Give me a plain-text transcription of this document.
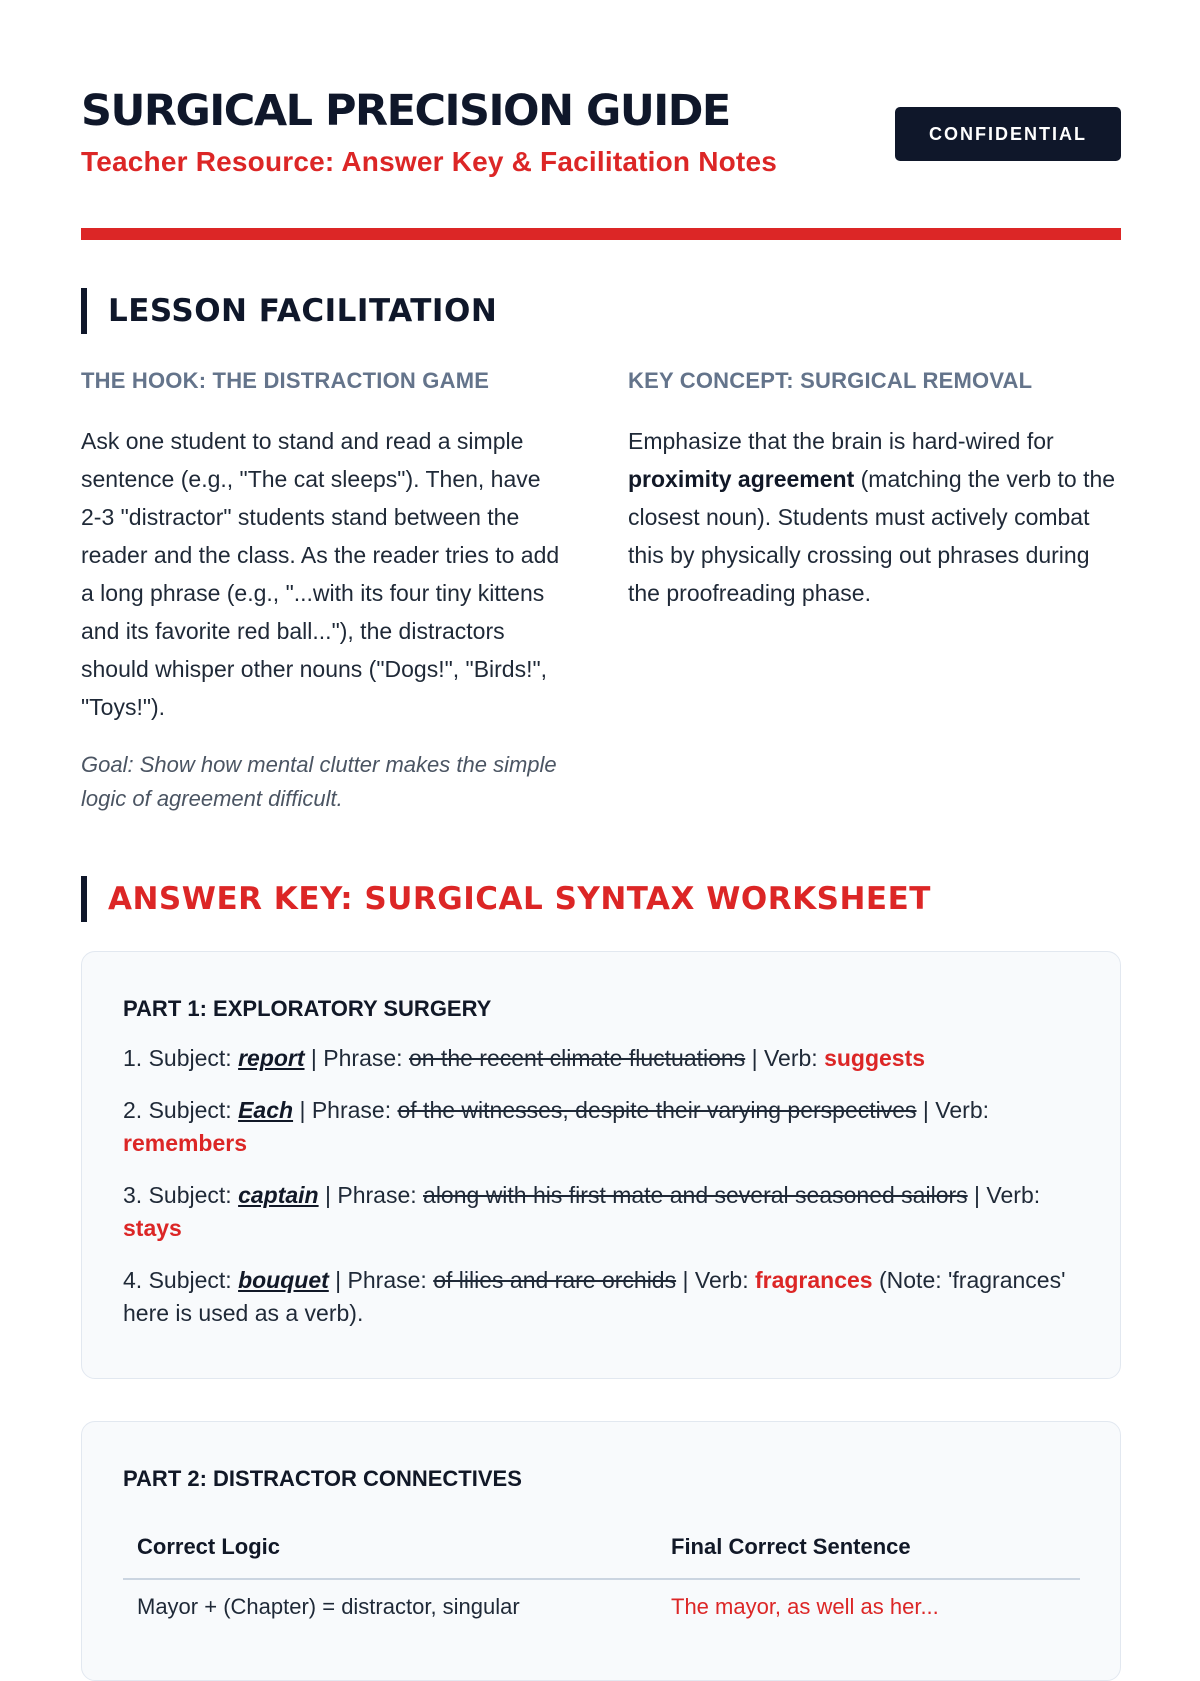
SURGICAL PRECISION GUIDE
Teacher Resource: Answer Key & Facilitation Notes
CONFIDENTIAL
LESSON FACILITATION
THE HOOK: THE DISTRACTION GAME
Ask one student to stand and read a simple sentence (e.g., "The cat sleeps"). Then, have 2-3 "distractor" students stand between the reader and the class. As the reader tries to add a long phrase (e.g., "...with its four tiny kittens and its favorite red ball..."), the distractors should whisper other nouns ("Dogs!", "Birds!", "Toys!").
Goal: Show how mental clutter makes the simple logic of agreement difficult.
KEY CONCEPT: SURGICAL REMOVAL
Emphasize that the brain is hard-wired for proximity agreement (matching the verb to the closest noun). Students must actively combat this by physically crossing out phrases during the proofreading phase.
ANSWER KEY: SURGICAL SYNTAX WORKSHEET
PART 1: EXPLORATORY SURGERY
1. Subject: report | Phrase: on the recent climate fluctuations | Verb: suggests
2. Subject: Each | Phrase: of the witnesses, despite their varying perspectives | Verb: remembers
3. Subject: captain | Phrase: along with his first mate and several seasoned sailors | Verb: stays
4. Subject: bouquet | Phrase: of lilies and rare orchids | Verb: fragrances (Note: 'fragrances' here is used as a verb).
PART 2: DISTRACTOR CONNECTIVES
Correct Logic	Final Correct Sentence
Mayor + (Chapter) = distractor, singular	The mayor, as well as her...
